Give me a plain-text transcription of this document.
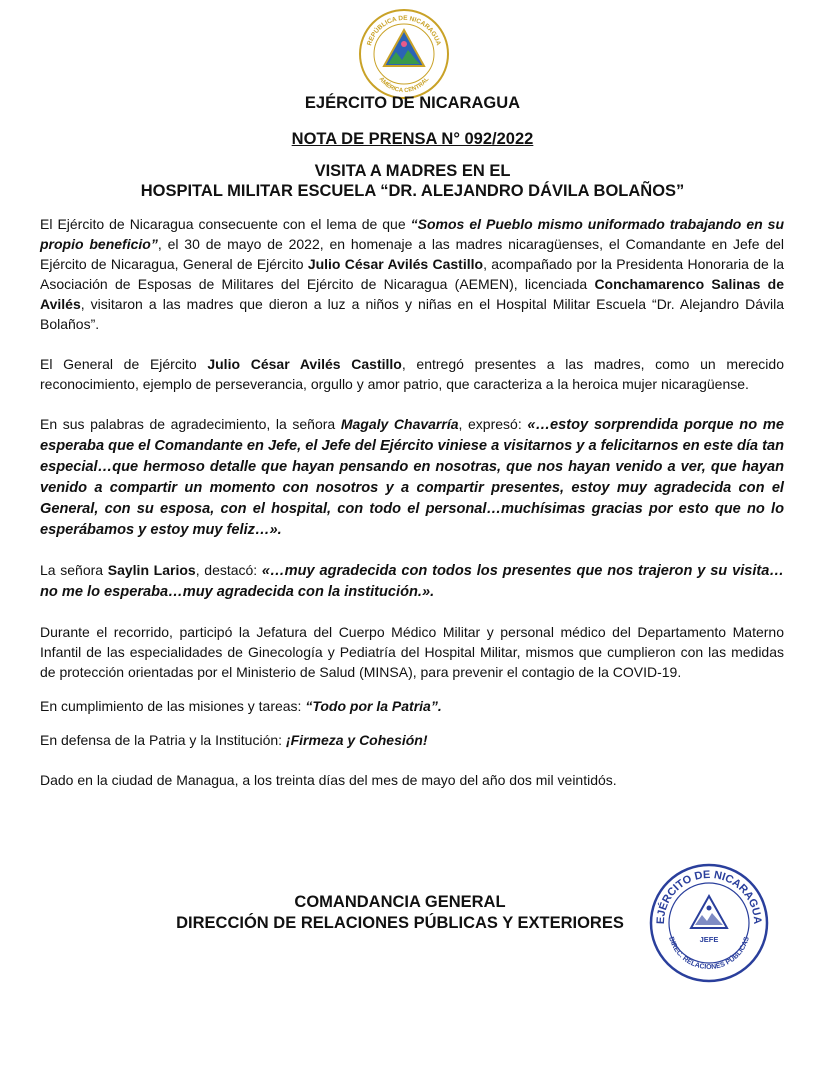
REPÚBLICA DE NICARAGUA
AMÉRICA CENTRAL
EJÉRCITO DE NICARAGUA
NOTA DE PRENSA N° 092/2022
VISITA A MADRES EN EL
HOSPITAL MILITAR ESCUELA “DR. ALEJANDRO DÁVILA BOLAÑOS”

El Ejército de Nicaragua consecuente con el lema de que “Somos el Pueblo mismo uniformado trabajando en su propio beneficio”, el 30 de mayo de 2022, en homenaje a las madres nicaragüenses, el Comandante en Jefe del Ejército de Nicaragua, General de Ejército Julio César Avilés Castillo, acompañado por la Presidenta Honoraria de la Asociación de Esposas de Militares del Ejército de Nicaragua (AEMEN), licenciada Conchamarenco Salinas de Avilés, visitaron a las madres que dieron a luz a niños y niñas en el Hospital Militar Escuela “Dr. Alejandro Dávila Bolaños”.

El General de Ejército Julio César Avilés Castillo, entregó presentes a las madres, como un merecido reconocimiento, ejemplo de perseverancia, orgullo y amor patrio, que caracteriza a la heroica mujer nicaragüense.

En sus palabras de agradecimiento, la señora Magaly Chavarría, expresó: «…estoy sorprendida porque no me esperaba que el Comandante en Jefe, el Jefe del Ejército viniese a visitarnos y a felicitarnos en este día tan especial…que hermoso detalle que hayan pensando en nosotras, que nos hayan venido a ver, que hayan venido a compartir un momento con nosotros y a compartir presentes, estoy muy agradecida con el General, con su esposa, con el hospital, con todo el personal…muchísimas gracias por esto que no lo esperábamos y estoy muy feliz…».

La señora Saylin Larios, destacó: «…muy agradecida con todos los presentes que nos trajeron y su visita…no me lo esperaba…muy agradecida con la institución.».

Durante el recorrido, participó la Jefatura del Cuerpo Médico Militar y personal médico del Departamento Materno Infantil de las especialidades de Ginecología y Pediatría del Hospital Militar, mismos que cumplieron con las medidas de protección orientadas por el Ministerio de Salud (MINSA), para prevenir el contagio de la COVID-19.

En cumplimiento de las misiones y tareas: “Todo por la Patria”.

En defensa de la Patria y la Institución: ¡Firmeza y Cohesión!

Dado en la ciudad de Managua, a los treinta días del mes de mayo del año dos mil veintidós.

COMANDANCIA GENERAL
DIRECCIÓN DE RELACIONES PÚBLICAS Y EXTERIORES	EJÉRCITO DE NICARAGUA
DIREC. RELACIONES PÚBLICAS
JEFE
